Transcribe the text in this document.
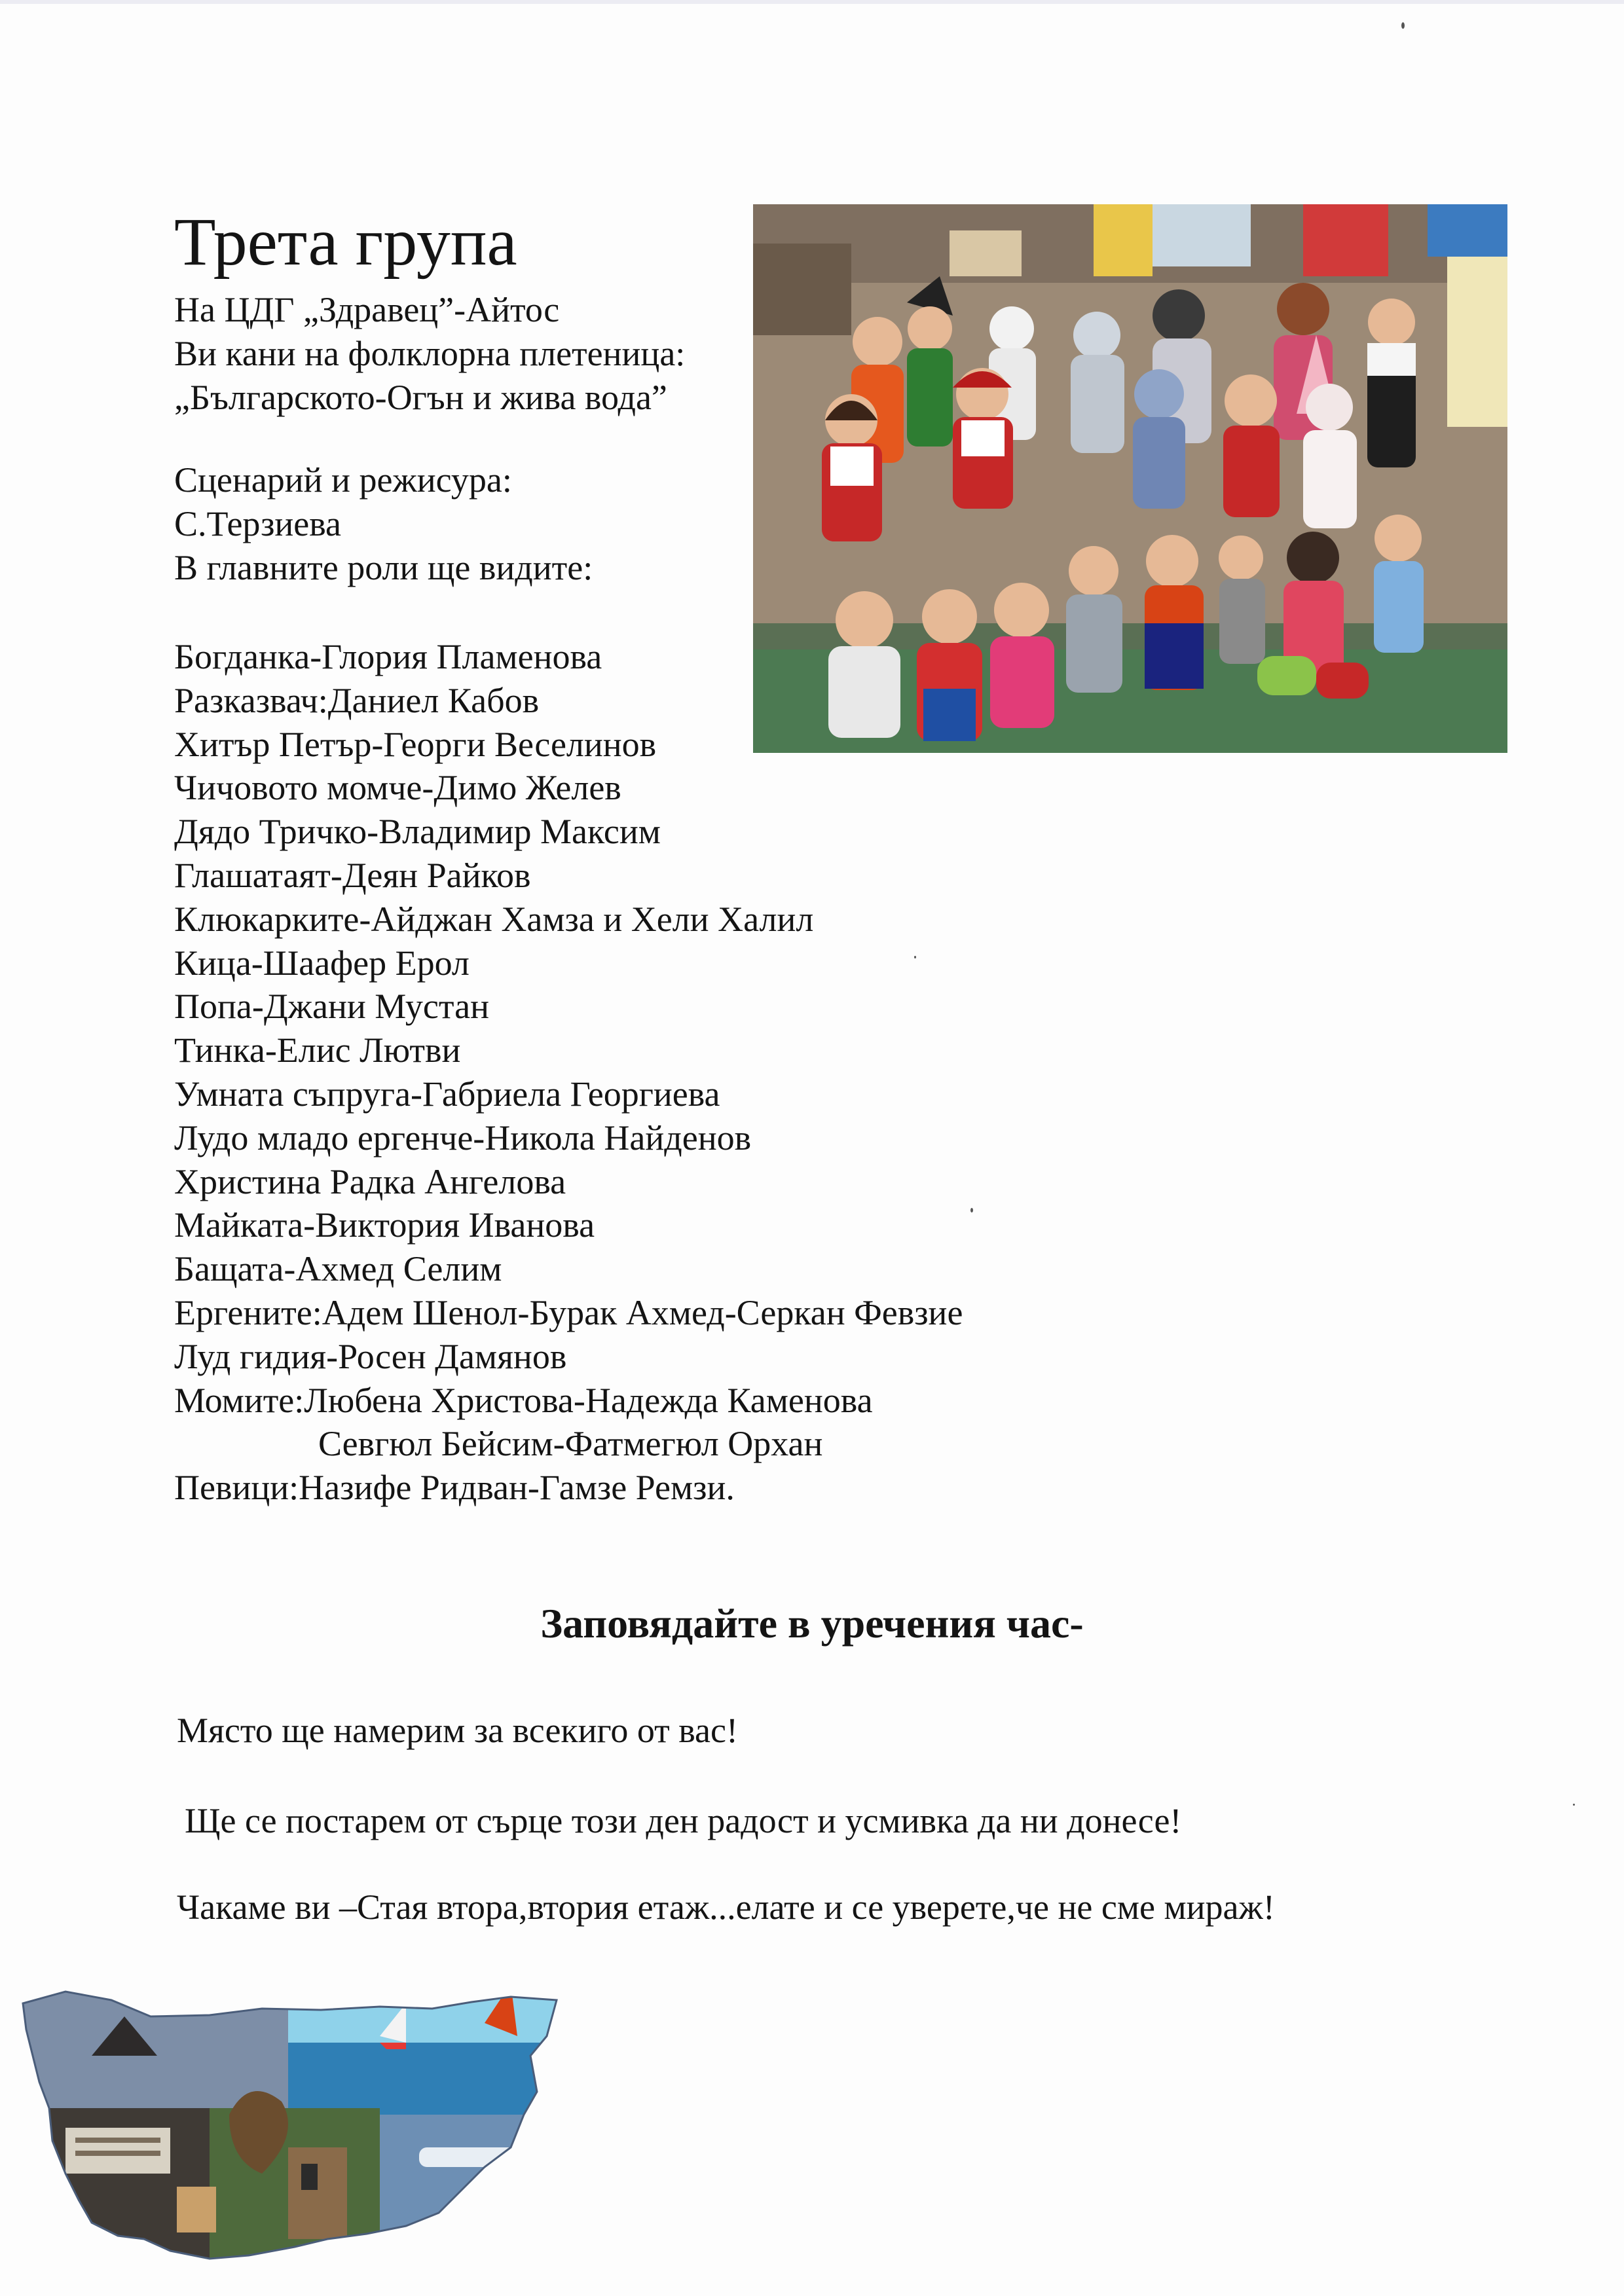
Трета група
На ЦДГ „Здравец”-Айтос
Ви кани на фолклорна плетеница:
„Българското-Огън и жива вода”
Сценарий и режисура:
С.Терзиева
В главните роли ще видите:
Богданка-Глория Пламенова
Разказвач:Даниел Кабов
Хитър Петър-Георги Веселинов
Чичовото момче-Димо Желев
Дядо Тричко-Владимир Максим
Глашатаят-Деян Райков
Клюкарките-Айджан Хамза и Хели Халил
Кица-Шаафер Ерол
Попа-Джани Мустан
Тинка-Елис Лютви
Умната съпруга-Габриела Георгиева
Лудо младо ергенче-Никола Найденов
Христина Радка Ангелова
Майката-Виктория Иванова
Бащата-Ахмед Селим
Ергените:Адем Шенол-Бурак Ахмед-Серкан Февзие
Луд гидия-Росен Дамянов
Момите:Любена Христова-Надежда Каменова
Севгюл Бейсим-Фатмегюл Орхан
Певици:Назифе Ридван-Гамзе Ремзи.
Заповядайте в уречения час-
Място ще намерим за всекиго от вас!
Ще се постарем от сърце този ден радост и усмивка да ни донесе!
Чакаме ви –Стая втора,втория етаж...елате и се уверете,че не сме мираж!
